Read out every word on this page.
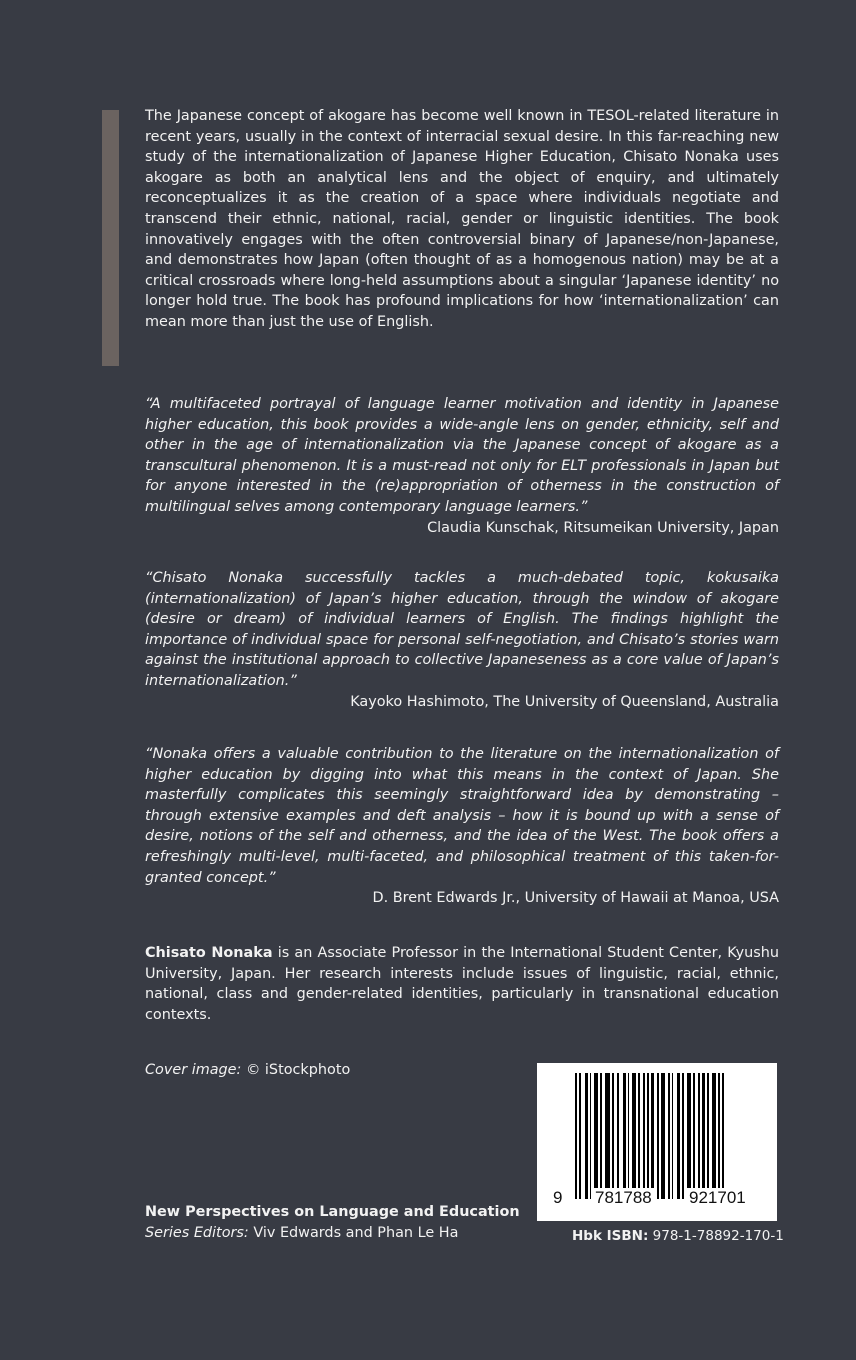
The Japanese concept of akogare has become well known in TESOL-related literature in recent years, usually in the context of interracial sexual desire. In this far-reaching new study of the internationalization of Japanese Higher Education, Chisato Nonaka uses akogare as both an analytical lens and the object of enquiry, and ultimately reconceptualizes it as the creation of a space where individuals negotiate and transcend their ethnic, national, racial, gender or linguistic identities. The book innovatively engages with the often controversial binary of Japanese/non-Japanese, and demonstrates how Japan (often thought of as a homogenous nation) may be at a critical crossroads where long-held assumptions about a singular ‘Japanese identity’ no longer hold true. The book has profound implications for how ‘internationalization’ can mean more than just the use of English.

“A multifaceted portrayal of language learner motivation and identity in Japanese higher education, this book provides a wide-angle lens on gender, ethnicity, self and other in the age of internationalization via the Japanese concept of akogare as a transcultural phenomenon. It is a must-read not only for ELT professionals in Japan but for anyone interested in the (re)appropriation of otherness in the construction of multilingual selves among contemporary language learners.”

Claudia Kunschak, Ritsumeikan University, Japan

“Chisato Nonaka successfully tackles a much-debated topic, kokusaika (internationalization) of Japan’s higher education, through the window of akogare (desire or dream) of individual learners of English. The findings highlight the importance of individual space for personal self-negotiation, and Chisato’s stories warn against the institutional approach to collective Japaneseness as a core value of Japan’s internationalization.”

Kayoko Hashimoto, The University of Queensland, Australia

“Nonaka offers a valuable contribution to the literature on the internationalization of higher education by digging into what this means in the context of Japan. She masterfully complicates this seemingly straightforward idea by demonstrating – through extensive examples and deft analysis – how it is bound up with a sense of desire, notions of the self and otherness, and the idea of the West. The book offers a refreshingly multi-level, multi-faceted, and philosophical treatment of this taken-for-granted concept.”

D. Brent Edwards Jr., University of Hawaii at Manoa, USA

Chisato Nonaka is an Associate Professor in the International Student Center, Kyushu University, Japan. Her research interests include issues of linguistic, racial, ethnic, national, class and gender-related identities, particularly in transnational education contexts.

Cover image: © iStockphoto
9 781788 921701
Hbk ISBN: 978-1-78892-170-1
New Perspectives on Language and Education
Series Editors: Viv Edwards and Phan Le Ha
